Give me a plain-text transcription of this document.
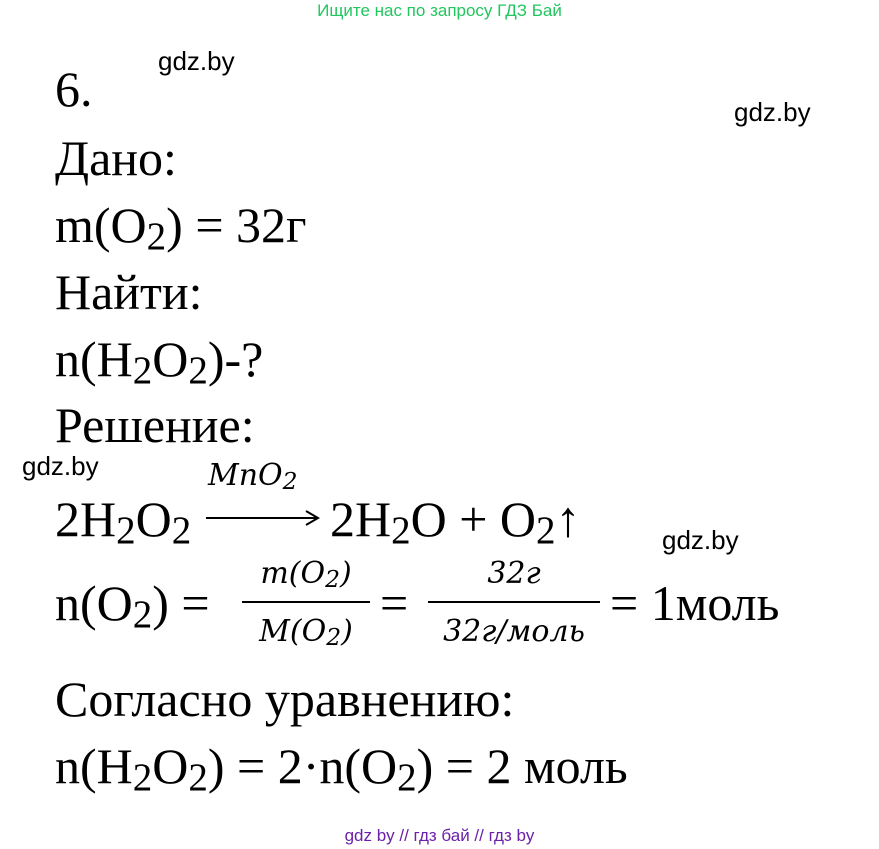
Ищите нас по запросу ГДЗ Бай
gdz.by
gdz.by
gdz.by
gdz.by
6.
Дано:
$m(O_2) = 32г$
Найти:
$n(H_2O_2)-$?
Решение:
$2H_2O_2$
MnO$_2$
$2H_2O$ + $O_2↑$
$n(O_2)$ =
$m(O_2)$
$M(O_2)$
=
32г
32г/моль
= 1моль
Согласно уравнению:
$n(H_2O_2) = 2\cdot n(O_2) = 2$ моль
gdz by // гдз бай // гдз by
